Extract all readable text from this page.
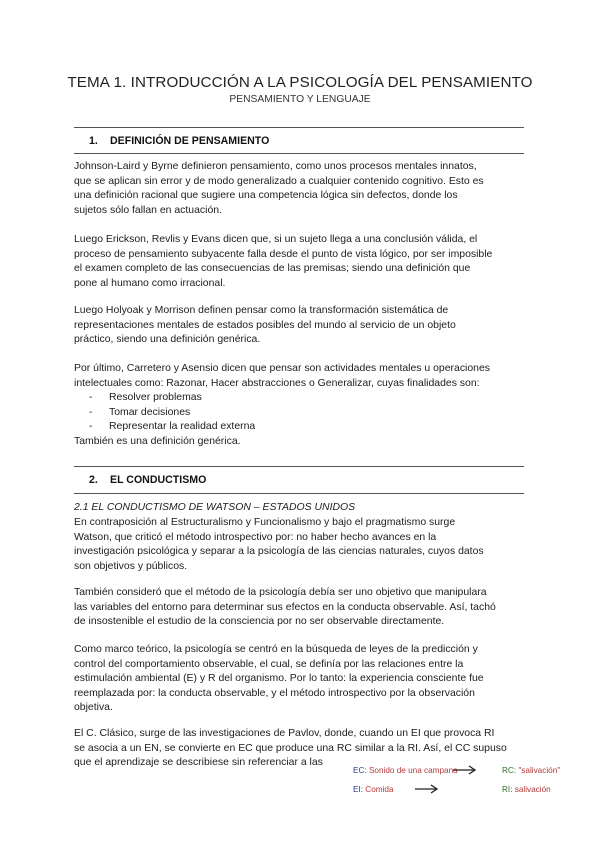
TEMA 1. INTRODUCCIÓN A LA PSICOLOGÍA DEL PENSAMIENTO
PENSAMIENTO Y LENGUAJE
1. DEFINICIÓN DE PENSAMIENTO
Johnson-Laird y Byrne definieron pensamiento, como unos procesos mentales innatos,
que se aplican sin error y de modo generalizado a cualquier contenido cognitivo. Esto es
una definición racional que sugiere una competencia lógica sin defectos, donde los
sujetos sólo fallan en actuación.
Luego Erickson, Revlis y Evans dicen que, si un sujeto llega a una conclusión válida, el
proceso de pensamiento subyacente falla desde el punto de vista lógico, por ser imposible
el examen completo de las consecuencias de las premisas; siendo una definición que
pone al humano como irracional.
Luego Holyoak y Morrison definen pensar como la transformación sistemática de
representaciones mentales de estados posibles del mundo al servicio de un objeto
práctico, siendo una definición genérica.
Por último, Carretero y Asensio dicen que pensar son actividades mentales u operaciones
intelectuales como: Razonar, Hacer abstracciones o Generalizar, cuyas finalidades son:
- Resolver problemas
- Tomar decisiones
- Representar la realidad externa
También es una definición genérica.
2. EL CONDUCTISMO
2.1 EL CONDUCTISMO DE WATSON – ESTADOS UNIDOS
En contraposición al Estructuralismo y Funcionalismo y bajo el pragmatismo surge
Watson, que criticó el método introspectivo por: no haber hecho avances en la
investigación psicológica y separar a la psicología de las ciencias naturales, cuyos datos
son objetivos y públicos.
También consideró que el método de la psicología debía ser uno objetivo que manipulara
las variables del entorno para determinar sus efectos en la conducta observable. Así, tachó
de insostenible el estudio de la consciencia por no ser observable directamente.
Como marco teórico, la psicología se centró en la búsqueda de leyes de la predicción y
control del comportamiento observable, el cual, se definía por las relaciones entre la
estimulación ambiental (E) y R del organismo. Por lo tanto: la experiencia consciente fue
reemplazada por: la conducta observable, y el método introspectivo por la observación
objetiva.
El C. Clásico, surge de las investigaciones de Pavlov, donde, cuando un EI que provoca RI
se asocia a un EN, se convierte en EC que produce una RC similar a la RI. Así, el CC supuso
que el aprendizaje se describiese sin referenciar a las
EC: Sonido de una campana	RC: "salivación"
EI: Comida	RI: salivación
